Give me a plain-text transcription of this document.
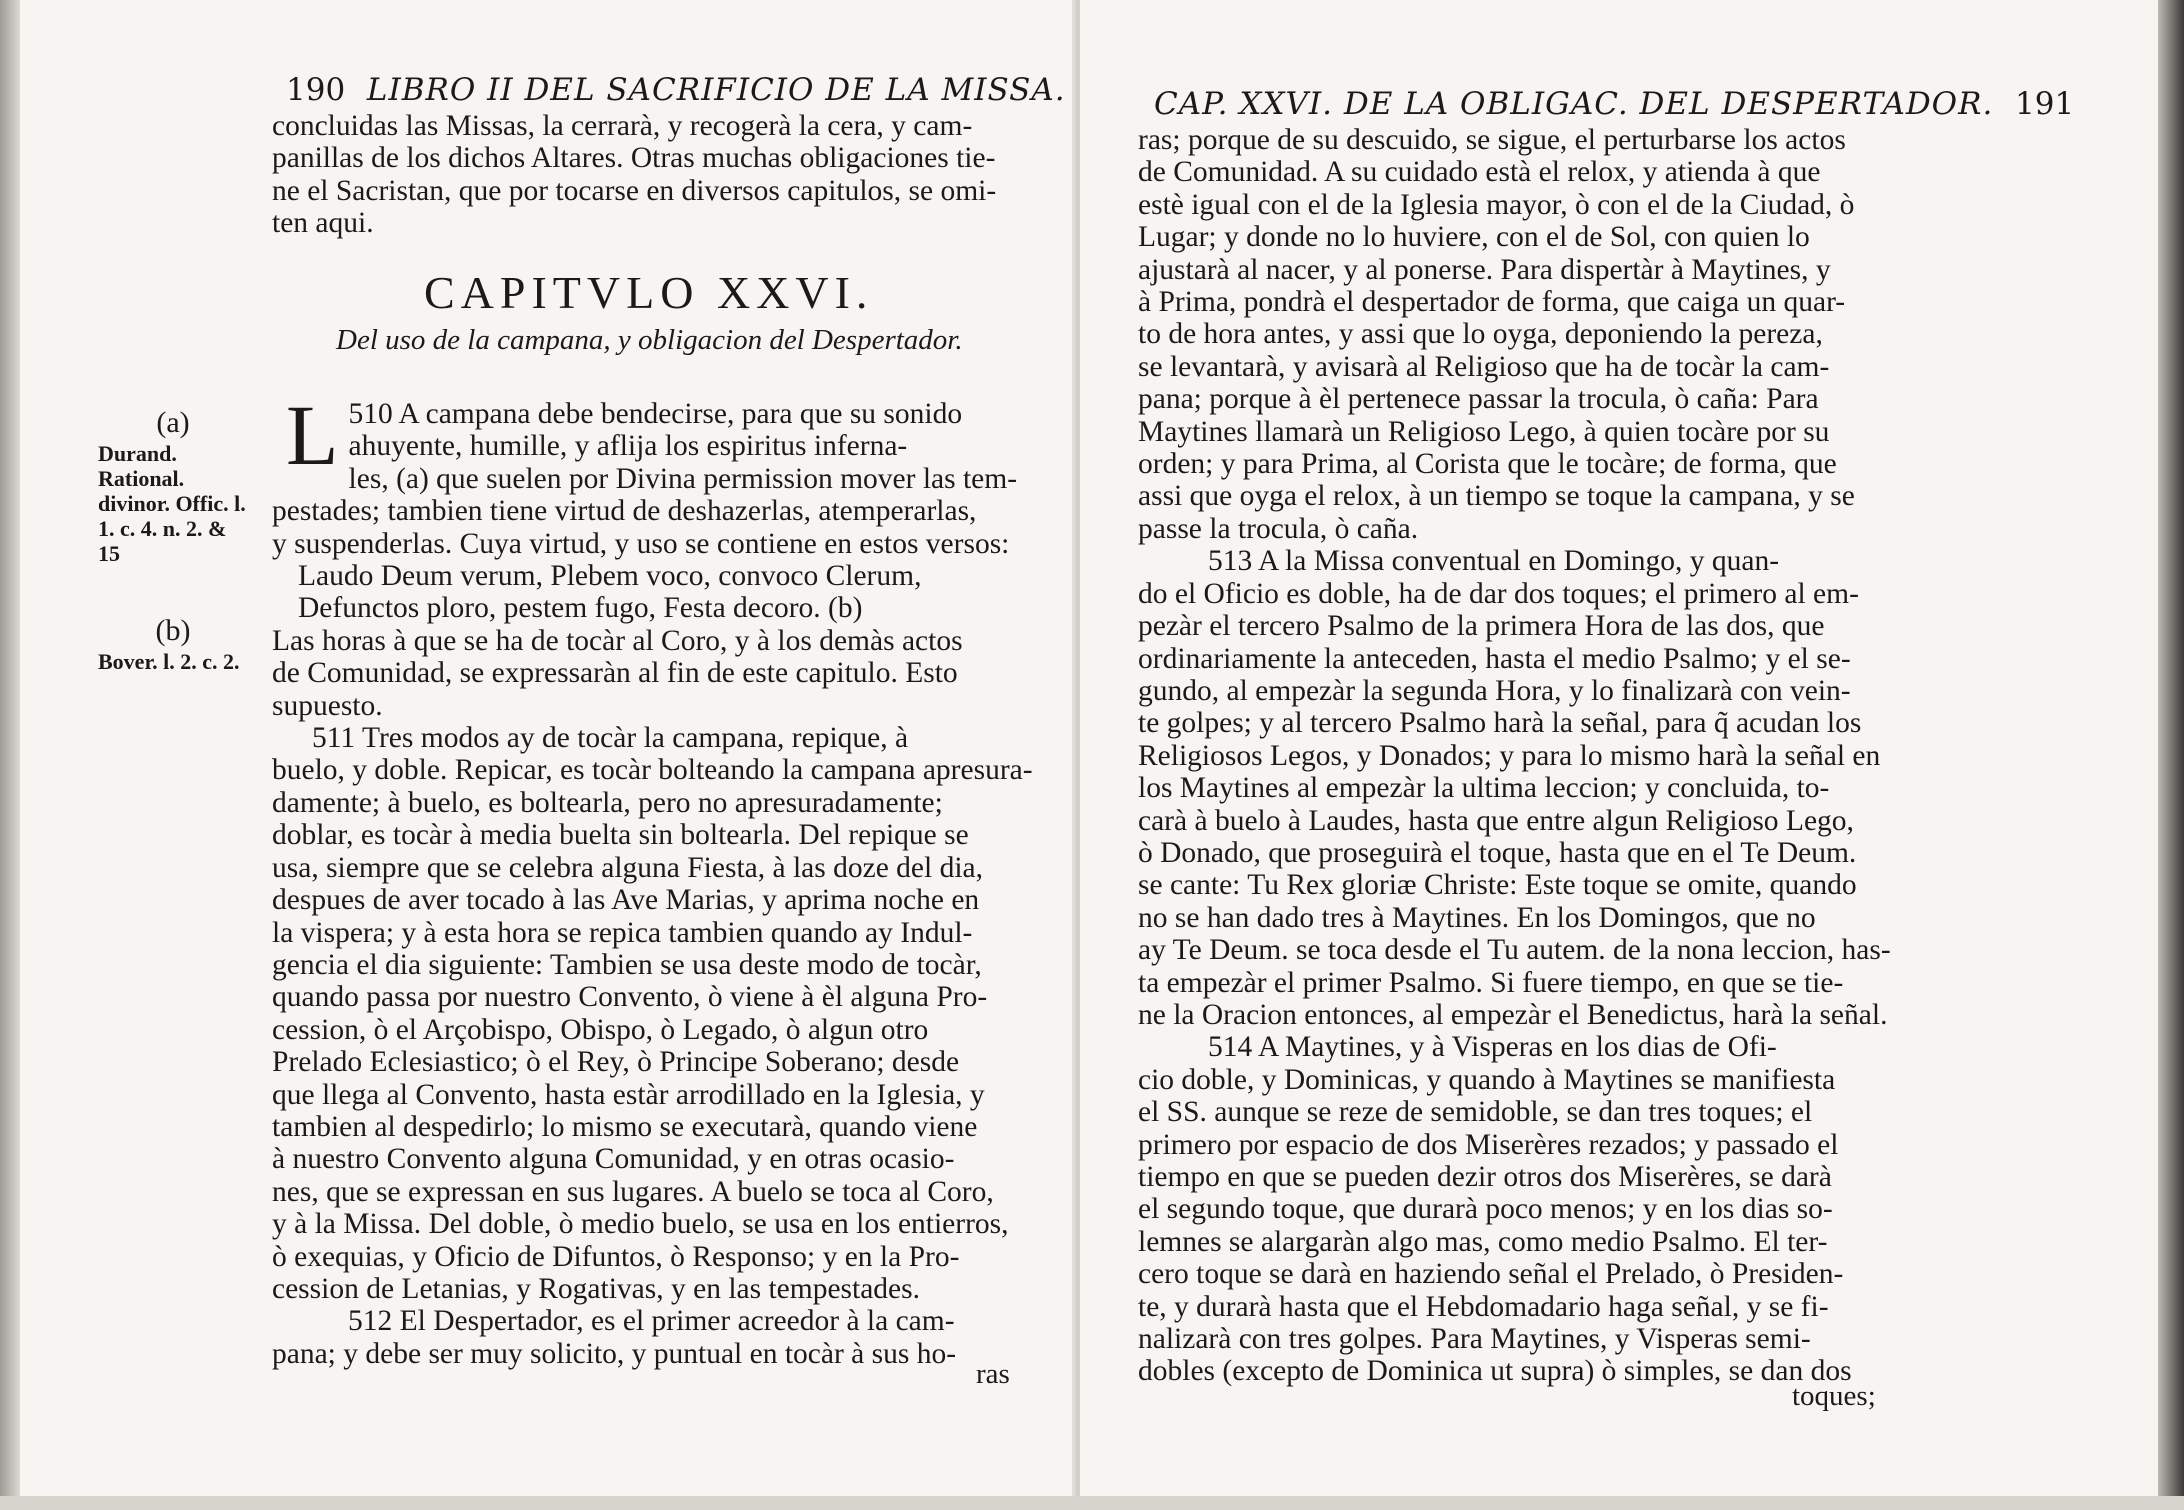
190 LIBRO II DEL SACRIFICIO DE LA MISSA.
concluidas las Missas, la cerrarà, y recogerà la cera, y cam-
panillas de los dichos Altares. Otras muchas obligaciones tie-
ne el Sacristan, que por tocarse en diversos capitulos, se omi-
ten aqui.
CAPITVLO XXVI.
Del uso de la campana, y obligacion del Despertador.
(a)
Durand. Rational. divinor. Offic. l. 1. c. 4. n. 2. & 15
(b)
Bover. l. 2. c. 2.
L 510 A campana debe bendecirse, para que su sonido
ahuyente, humille, y aflija los espiritus inferna-
les, (a) que suelen por Divina permission mover las tem-
pestades; tambien tiene virtud de deshazerlas, atemperarlas,
y suspenderlas. Cuya virtud, y uso se contiene en estos versos:
Laudo Deum verum, Plebem voco, convoco Clerum,
Defunctos ploro, pestem fugo, Festa decoro. (b)
Las horas à que se ha de tocàr al Coro, y à los demàs actos
de Comunidad, se expressaràn al fin de este capitulo. Esto
supuesto.
511 Tres modos ay de tocàr la campana, repique, à
buelo, y doble. Repicar, es tocàr bolteando la campana apresura-
damente; à buelo, es boltearla, pero no apresuradamente;
doblar, es tocàr à media buelta sin boltearla. Del repique se
usa, siempre que se celebra alguna Fiesta, à las doze del dia,
despues de aver tocado à las Ave Marias, y aprima noche en
la vispera; y à esta hora se repica tambien quando ay Indul-
gencia el dia siguiente: Tambien se usa deste modo de tocàr,
quando passa por nuestro Convento, ò viene à èl alguna Pro-
cession, ò el Arçobispo, Obispo, ò Legado, ò algun otro
Prelado Eclesiastico; ò el Rey, ò Principe Soberano; desde
que llega al Convento, hasta estàr arrodillado en la Iglesia, y
tambien al despedirlo; lo mismo se executarà, quando viene
à nuestro Convento alguna Comunidad, y en otras ocasio-
nes, que se expressan en sus lugares. A buelo se toca al Coro,
y à la Missa. Del doble, ò medio buelo, se usa en los entierros,
ò exequias, y Oficio de Difuntos, ò Responso; y en la Pro-
cession de Letanias, y Rogativas, y en las tempestades.
512 El Despertador, es el primer acreedor à la cam-
pana; y debe ser muy solicito, y puntual en tocàr à sus ho-
ras
CAP. XXVI. DE LA OBLIGAC. DEL DESPERTADOR. 191
ras; porque de su descuido, se sigue, el perturbarse los actos
de Comunidad. A su cuidado està el relox, y atienda à que
estè igual con el de la Iglesia mayor, ò con el de la Ciudad, ò
Lugar; y donde no lo huviere, con el de Sol, con quien lo
ajustarà al nacer, y al ponerse. Para dispertàr à Maytines, y
à Prima, pondrà el despertador de forma, que caiga un quar-
to de hora antes, y assi que lo oyga, deponiendo la pereza,
se levantarà, y avisarà al Religioso que ha de tocàr la cam-
pana; porque à èl pertenece passar la trocula, ò caña: Para
Maytines llamarà un Religioso Lego, à quien tocàre por su
orden; y para Prima, al Corista que le tocàre; de forma, que
assi que oyga el relox, à un tiempo se toque la campana, y se
passe la trocula, ò caña.
513 A la Missa conventual en Domingo, y quan-
do el Oficio es doble, ha de dar dos toques; el primero al em-
pezàr el tercero Psalmo de la primera Hora de las dos, que
ordinariamente la anteceden, hasta el medio Psalmo; y el se-
gundo, al empezàr la segunda Hora, y lo finalizarà con vein-
te golpes; y al tercero Psalmo harà la señal, para q̃ acudan los
Religiosos Legos, y Donados; y para lo mismo harà la señal en
los Maytines al empezàr la ultima leccion; y concluida, to-
carà à buelo à Laudes, hasta que entre algun Religioso Lego,
ò Donado, que proseguirà el toque, hasta que en el Te Deum.
se cante: Tu Rex gloriæ Christe: Este toque se omite, quando
no se han dado tres à Maytines. En los Domingos, que no
ay Te Deum. se toca desde el Tu autem. de la nona leccion, has-
ta empezàr el primer Psalmo. Si fuere tiempo, en que se tie-
ne la Oracion entonces, al empezàr el Benedictus, harà la señal.
514 A Maytines, y à Visperas en los dias de Ofi-
cio doble, y Dominicas, y quando à Maytines se manifiesta
el SS. aunque se reze de semidoble, se dan tres toques; el
primero por espacio de dos Miserères rezados; y passado el
tiempo en que se pueden dezir otros dos Miserères, se darà
el segundo toque, que durarà poco menos; y en los dias so-
lemnes se alargaràn algo mas, como medio Psalmo. El ter-
cero toque se darà en haziendo señal el Prelado, ò Presiden-
te, y durarà hasta que el Hebdomadario haga señal, y se fi-
nalizarà con tres golpes. Para Maytines, y Visperas semi-
dobles (excepto de Dominica ut supra) ò simples, se dan dos
toques;
